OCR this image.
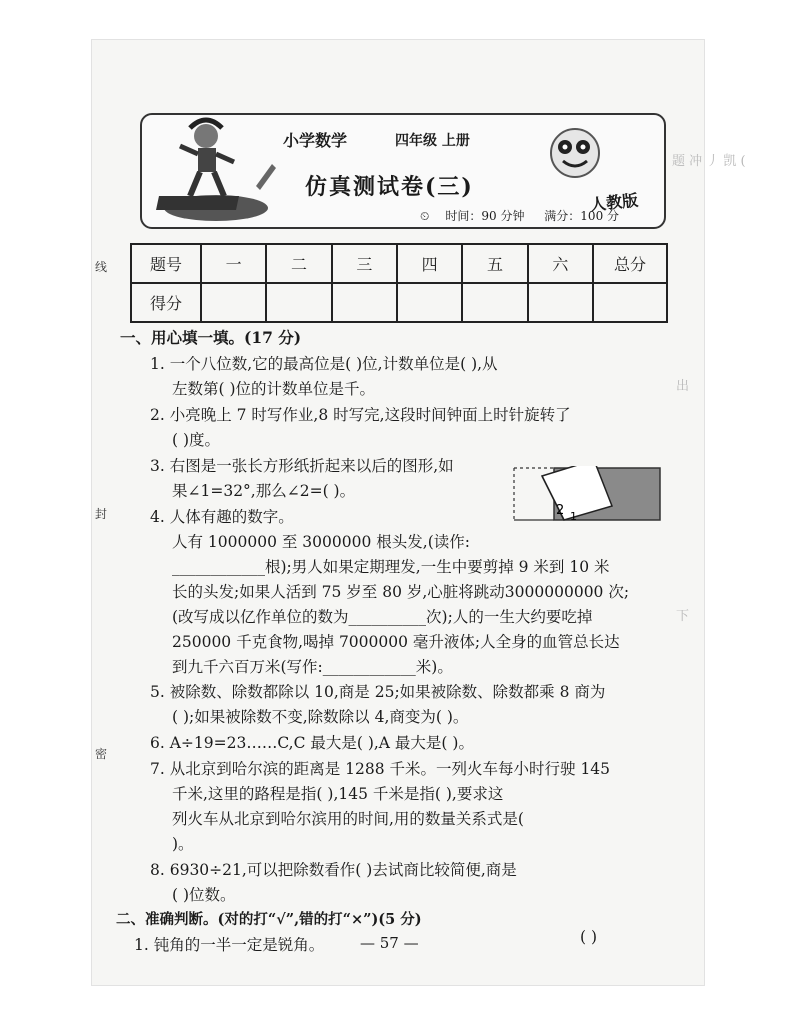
题 冲 丿 凯 (
出
下
线
封
密
小学数学	四年级 上册
仿真测试卷(三)
人教版
⏲ 时间：90 分钟 满分：100 分
题号	一	二	三	四	五	六	总分
得分							
一、用心填一填。(17 分)
1. 一个八位数,它的最高位是( )位,计数单位是( ),从
左数第( )位的计数单位是千。
2. 小亮晚上 7 时写作业,8 时写完,这段时间钟面上时针旋转了
( )度。
3. 右图是一张长方形纸折起来以后的图形,如
果∠1=32°,那么∠2=( )。
2 1
4. 人体有趣的数字。
人有 1000000 至 3000000 根头发,(读作:
____________根);男人如果定期理发,一生中要剪掉 9 米到 10 米
长的头发;如果人活到 75 岁至 80 岁,心脏将跳动3000000000 次;
(改写成以亿作单位的数为__________次);人的一生大约要吃掉
250000 千克食物,喝掉 7000000 毫升液体;人全身的血管总长达
到九千六百万米(写作:____________米)。
5. 被除数、除数都除以 10,商是 25;如果被除数、除数都乘 8 商为
( );如果被除数不变,除数除以 4,商变为( )。
6. A÷19=23……C,C 最大是( ),A 最大是( )。
7. 从北京到哈尔滨的距离是 1288 千米。一列火车每小时行驶 145
千米,这里的路程是指( ),145 千米是指( ),要求这
列火车从北京到哈尔滨用的时间,用的数量关系式是(
)。
8. 6930÷21,可以把除数看作( )去试商比较简便,商是
( )位数。
二、准确判断。(对的打“√”,错的打“×”)(5 分)
1. 钝角的一半一定是锐角。	( )
— 57 —
